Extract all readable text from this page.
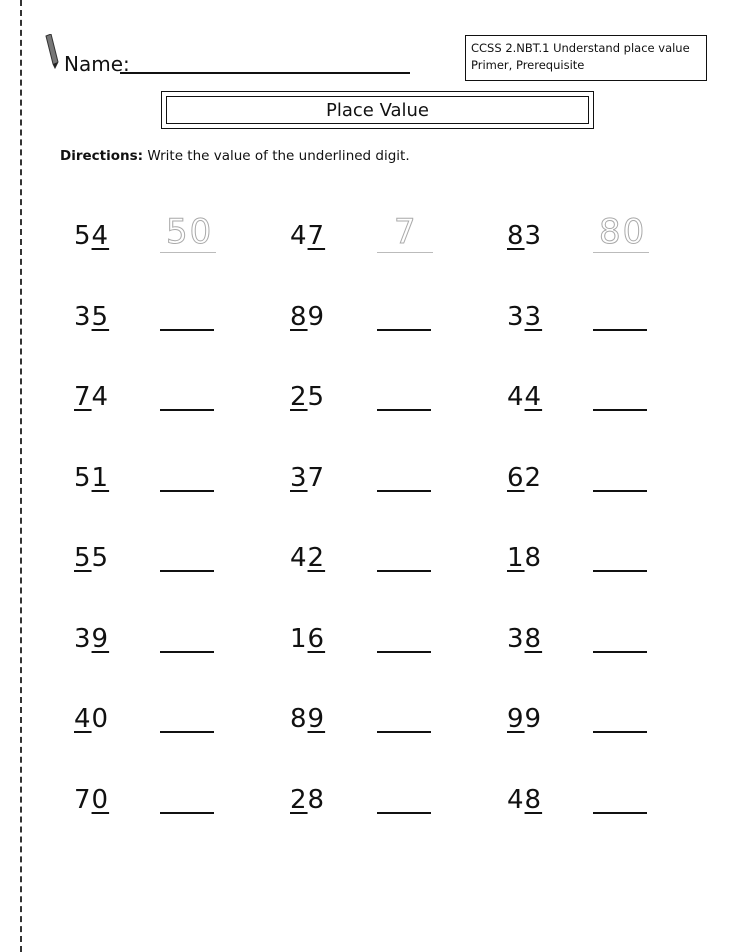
Name:
CCSS 2.NBT.1 Understand place value
Primer, Prerequisite
Place Value
Directions: Write the value of the underlined digit.
54 50	47 7	83 80
35	89	33
74	25	44
51	37	62
55	42	18
39	16	38
40	89	99
70	28	48
